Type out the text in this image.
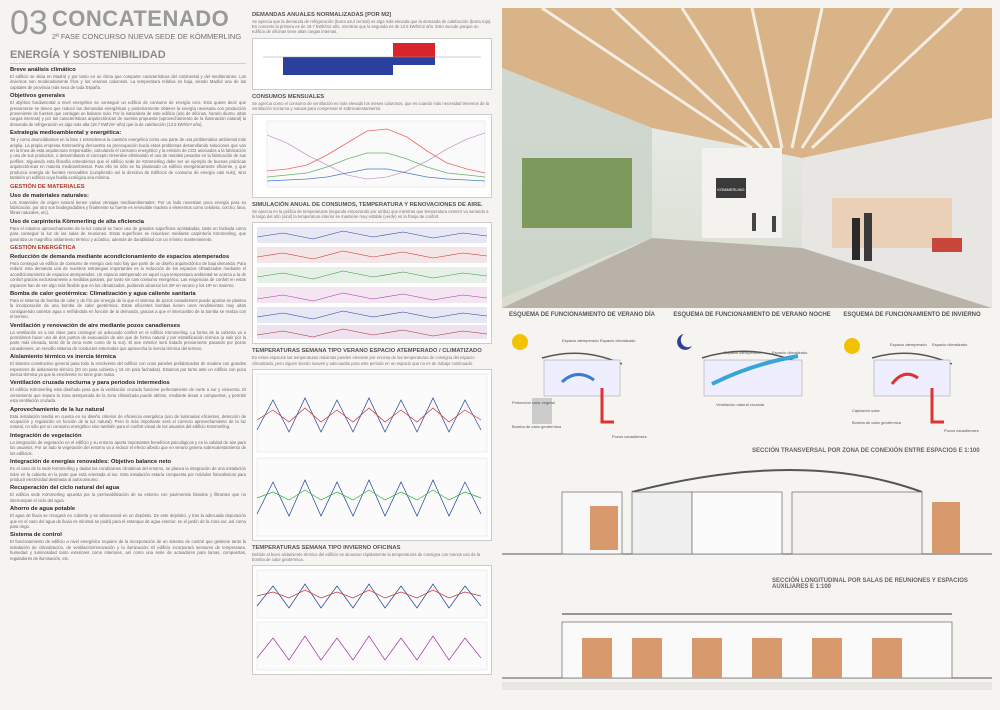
03 CONCATENADO
2ª FASE CONCURSO NUEVA SEDE DE KÖMMERLING
ENERGÍA Y SOSTENIBILIDAD
Breve análisis climático
El edificio se sitúa en Madrid y por tanto en un clima que comparte características del continental y del mediterráneo. Los inviernos son moderadamente fríos y los veranos calurosos. La temperatura relativa es baja, siendo Madrid una de las capitales de provincia más seca de toda España.
Objetivos generales
El objetivo fundamental a nivel energético se conseguir un edificio de consumo de energía cero. Esto quiere decir que previamente se tienen que reducir las demandas energéticas y posteriormente obtener la energía necesaria con producción proveniente de fuentes que consigan un balance nulo. Por la naturaleza de este edificio (uso de oficinas, horario diurno, altas cargas internas) y por las características arquitectónicas de nuestra propuesta (aprovechamiento de la iluminación natural) la demanda de refrigeración es algo más alta (18.7 kWh/m² año) que la de calefacción (13.5 kWh/m² año).
Estrategia medioambiental y energética:
Tal y como anunciábamos en la fase 1 entendemos la cuestión energética como una parte de una problemática ambiental más amplia. La propia empresa Kömmerling demuestra su preocupación hacia estos problemas desarrollando soluciones que van en la línea de esta arquitectura responsable, calculando el consumo energético y la emisión de CO2 asociados a la fabricación y uso de sus productos, o desarrollando el concepto Greenline eliminando el uso de metales pesados en la fabricación de sus perfiles. Siguiendo esta filosofía entendemos que el edificio sede de Kömmerling debe ser un ejemplo de buenas prácticas arquitectónicas en materia medioambiental. Para ello no sólo se ha planteado un edificio energéticamente eficiente, y que produzca energía de fuentes renovables (cumpliendo así la directiva de Edificios de consumo de energía casi nulo), sino también un edificio cuya huella ecológica sea mínima.
GESTIÓN DE MATERIALES
Uso de materiales naturales:
Los materiales de origen natural tienen varias ventajas medioambientales: Por un lado necesitan poca energía para su fabricación, por otro son biodegradables y finalmente su fuente es renovable madera o elementos como celulosa, corcho, lana, fibras naturales, etc).
Uso de carpintería Kömmerling de alta eficiencia
Para el máximo aprovechamiento de la luz natural se hace uso de grandes superficies acristaladas, tanto en fachada como para conseguir la luz de las salas de reuniones. Estas superficies se resuelven mediante carpintería Kömmerling, que garantiza un magnífico aislamiento térmico y acústico, además de durabilidad con un mínimo mantenimiento.
GESTIÓN ENERGÉTICA
Reducción de demanda mediante acondicionamiento de espacios atemperados
Para conseguir un edificio de consumo de energía casi nulo hay que partir de un diseño arquitectónico de baja demanda. Para reducir esta demanda una de nuestras estrategias importantes es la reducción de los espacios climatizados mediante el acondicionamiento de espacios atemperados. Un espacio atemperado es aquel cuya temperatura ambiental se acerca a la de confort gracias exclusivamente a medidas pasivas, por tanto sin casi consumo energético. Las exigencias de confort en estos espacios han de ser algo más flexible que en los climatizados, pudiendo alcanzar los 28º en verano y los 19º en invierno.
Bomba de calor geotérmica: Climatización y agua caliente sanitaria
Para el sistema de bomba de calor y de frío por energía de la que el sistema de pozos canadienses puede aportar se plantea la incorporación de una bomba de calor geotérmica. Estas eficientes bombas tienen unos rendimientos muy altos consiguiendo calentar agua o enfriándola en función de la demanda, gracias a que el intercambio de la bomba se realiza con el terreno.
Ventilación y renovación de aire mediante pozos canadienses
La ventilación es a tan clave para conseguir un adecuado confort en el edificio Kömmerling. La forma de la cubierta va a permitirnos hacer uso de dos puntos de evacuación de aire que de forma natural y por estratificación térmica (a salir por la parte más elevada, tanto de la zona norte como de la sur). El aire exterior será tratado previamente pasando por pozos canadienses, un sencillo sistema de conductos enterrados que aprovecha la inercia térmica del terreno.
Aislamiento térmico vs inercia térmica
El sistema constructivo general pasa todo la envolvente del edificio con unos paneles prefabricados de madera con grandes espesores de aislamiento térmico (20 cm para cubierta y 15 cm para fachadas). Estamos por tanto ante un edificio con poca inercia térmica ya que la envolvente no tiene gran masa.
Ventilación cruzada nocturna y para periodos intermedios
El edificio Kömmerling está diseñado para que la ventilación cruzada funcione perfectamente de norte a sur y viceversa. El cerramiento que separa la zona atemperada de la zona climatizada puede abrirse, mediante áreas o compuertas, y permitir esta ventilación cruzada.
Aprovechamiento de la luz natural
Esta instalación tendrá en cuenta en su diseño criterios de eficiencia energética (uso de luminarias eficientes, detección de ocupación y regulación en función de la luz natural). Pero lo más importante será el correcto aprovechamiento de la luz natural, no sólo por un consumo energético sino también para el confort visual de los usuarios del edificio Kömmerling.
Integración de vegetación
La integración de vegetación en el edificio y su entorno aporta importantes beneficios psicológicos y en la calidad de aire para los usuarios. Por un lado la vegetación del entorno va a reducir el efecto albedo que en verano genera sobrecalentamiento de los edificios.
Integración de energías renovables: Objetivo balance neto
En el caso de la sede Kömmerling y dadas las condiciones climáticas del entorno, se planea la integración de una instalación solar en la cubierta en la parte que está orientada al sur. Esta instalación estaría compuesta por módulos fotovoltaicos para producir electricidad destinada al autoconsumo.
Recuperación del ciclo natural del agua
El edificio sede Kömmerling apuesta por la permeabilización de su entorno con pavimentos blandos y filtrantes que no interrumpan el ciclo del agua.
Ahorro de agua potable
El agua de lluvia se recogerá en cubierta y se almacenará en un depósito. De este depósito, y tras la adecuada depuración que en el caso del agua de lluvia es mínimal se podrá para el estanque de agua exterior, en el jardín de la zona sur, así como para riego.
Sistema de control
El funcionamiento de edificio a nivel energético requiere de la incorporación de un sistema de control que gestione tanto la instalación de climatización, de ventilación/renovación y la iluminación. El edificio incorporará sensores de temperatura, humedad y luminosidad tanto exteriores como interiores, así como una serie de actuadores para lamas, compuertas, reguladores de iluminación, etc.
DEMANDAS ANUALES NORMALIZADAS [POR M2]
Se aprecia que la demanda de refrigeración (barra azul central) es algo más elevada que la demanda de calefacción (barra roja). En concreto la primera es de 18.7 kWh/m2 año, mientras que la segunda es de 13.5 kWh/m2 año. Esto sucede porque un edificio de oficinas tiene altas cargas internas.
CONSUMOS MENSUALES
Se aprecia como el consumo de ventilación es más elevado los meses calurosos, que es cuando más necesidad tenemos de la ventilación nocturna y natural para compensar el sobrecalentamiento.
SIMULACIÓN ANUAL DE CONSUMOS, TEMPERATURA Y RENOVACIONES DE AIRE.
Se aprecia en la gráfica de temperaturas (segunda empezando por arriba) que mientras que temperatura exterior va variando a lo largo del año (azul) la temperatura interior se mantiene muy estable (verde) en la franja de confort.
TEMPERATURAS SEMANA TIPO VERANO ESPACIO ATEMPERADO / CLIMATIZADO
En estos espacios las temperaturas máximas pueden elevarse por encima de las temperaturas de consigna del espacio climatizado, pero siguen siendo suaves y adecuadas para este periodo en un espacio que no es de trabajo continuado.
TEMPERATURAS SEMANA TIPO INVIERNO OFICINAS
Debido al buen aislamiento térmico del edificio se alcanzan rápidamente la temperaturas de consigna con menos uso de la bomba de calor geotérmica.
KÖMMERLING
ESQUEMA DE FUNCIONAMIENTO DE VERANO DÍA
Espacio atemperado Espacio climatizado
Protección solar vegetal
Bomba de calor geotérmica
Pozos canadienses
ESQUEMA DE FUNCIONAMIENTO DE VERANO NOCHE
Espacio atemperado	Espacio climatizado
Ventilación natural cruzada
ESQUEMA DE FUNCIONAMIENTO DE INVIERNO
Espacio atemperado Espacio climatizado
Captación solar
Bomba de calor geotérmica
Pozos canadienses
SECCIÓN TRANSVERSAL POR ZONA DE CONEXIÓN ENTRE ESPACIOS E 1:100
SECCIÓN LONGITUDINAL POR SALAS DE REUNIONES Y ESPACIOS AUXILIARES E 1:100
